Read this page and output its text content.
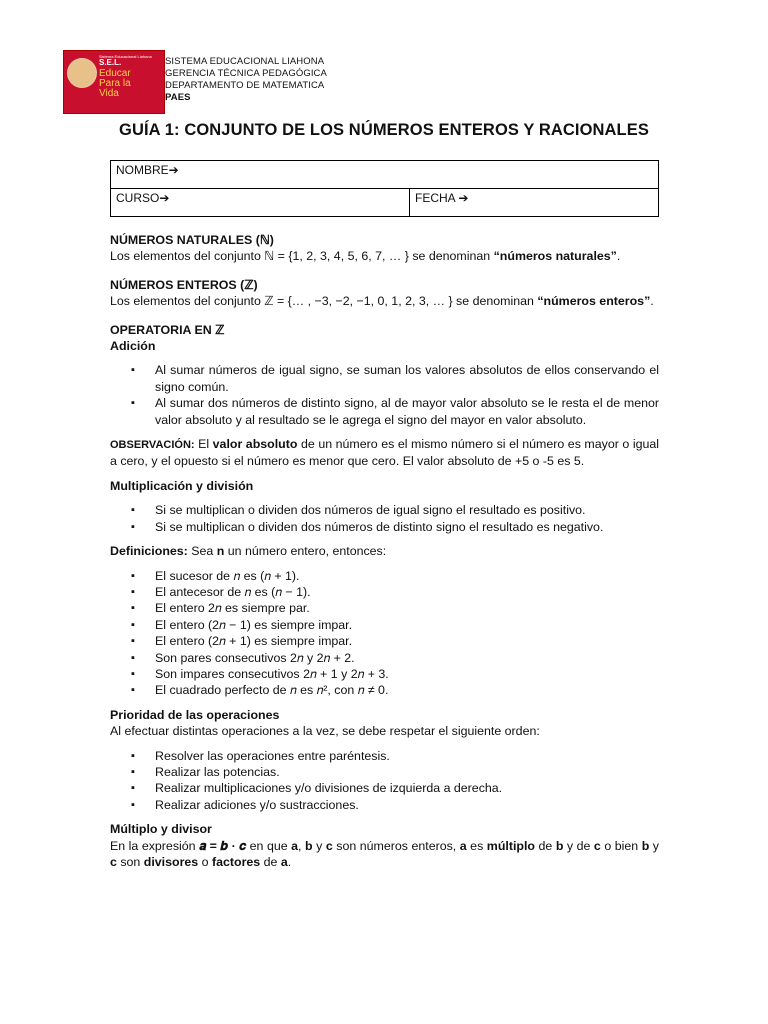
Sistema Educacional Liahona
S.E.L.
Educar
Para la
Vida
SISTEMA EDUCACIONAL LIAHONA
GERENCIA TÉCNICA PEDAGÓGICA
DEPARTAMENTO DE MATEMATICA
PAES
GUÍA 1: CONJUNTO DE LOS NÚMEROS ENTEROS Y RACIONALES
NOMBRE➔
CURSO➔	FECHA ➔

NÚMEROS NATURALES (ℕ)

Los elementos del conjunto ℕ = {1, 2, 3, 4, 5, 6, 7, … } se denominan “números naturales”.

NÚMEROS ENTEROS (ℤ)

Los elementos del conjunto ℤ = {… , −3, −2, −1, 0, 1, 2, 3, … } se denominan “números enteros”.

OPERATORIA EN ℤ

Adición

▪ Al sumar números de igual signo, se suman los valores absolutos de ellos conservando el signo común.
▪ Al sumar dos números de distinto signo, al de mayor valor absoluto se le resta el de menor valor absoluto y al resultado se le agrega el signo del mayor en valor absoluto.

OBSERVACIÓN: El valor absoluto de un número es el mismo número si el número es mayor o igual a cero, y el opuesto si el número es menor que cero. El valor absoluto de +5 o -5 es 5.

Multiplicación y división

▪ Si se multiplican o dividen dos números de igual signo el resultado es positivo.
▪ Si se multiplican o dividen dos números de distinto signo el resultado es negativo.

Definiciones: Sea n un número entero, entonces:

▪ El sucesor de 𝑛 es (𝑛 + 1).
▪ El antecesor de 𝑛 es (𝑛 − 1).
▪ El entero 2𝑛 es siempre par.
▪ El entero (2𝑛 − 1) es siempre impar.
▪ El entero (2𝑛 + 1) es siempre impar.
▪ Son pares consecutivos 2𝑛 y 2𝑛 + 2.
▪ Son impares consecutivos 2𝑛 + 1 y 2𝑛 + 3.
▪ El cuadrado perfecto de 𝑛 es 𝑛², con 𝑛 ≠ 0.

Prioridad de las operaciones

Al efectuar distintas operaciones a la vez, se debe respetar el siguiente orden:

▪ Resolver las operaciones entre paréntesis.
▪ Realizar las potencias.
▪ Realizar multiplicaciones y/o divisiones de izquierda a derecha.
▪ Realizar adiciones y/o sustracciones.

Múltiplo y divisor

En la expresión 𝒂 = 𝒃 · 𝒄 en que a, b y c son números enteros, a es múltiplo de b y de c o bien b y c son divisores o factores de a.
